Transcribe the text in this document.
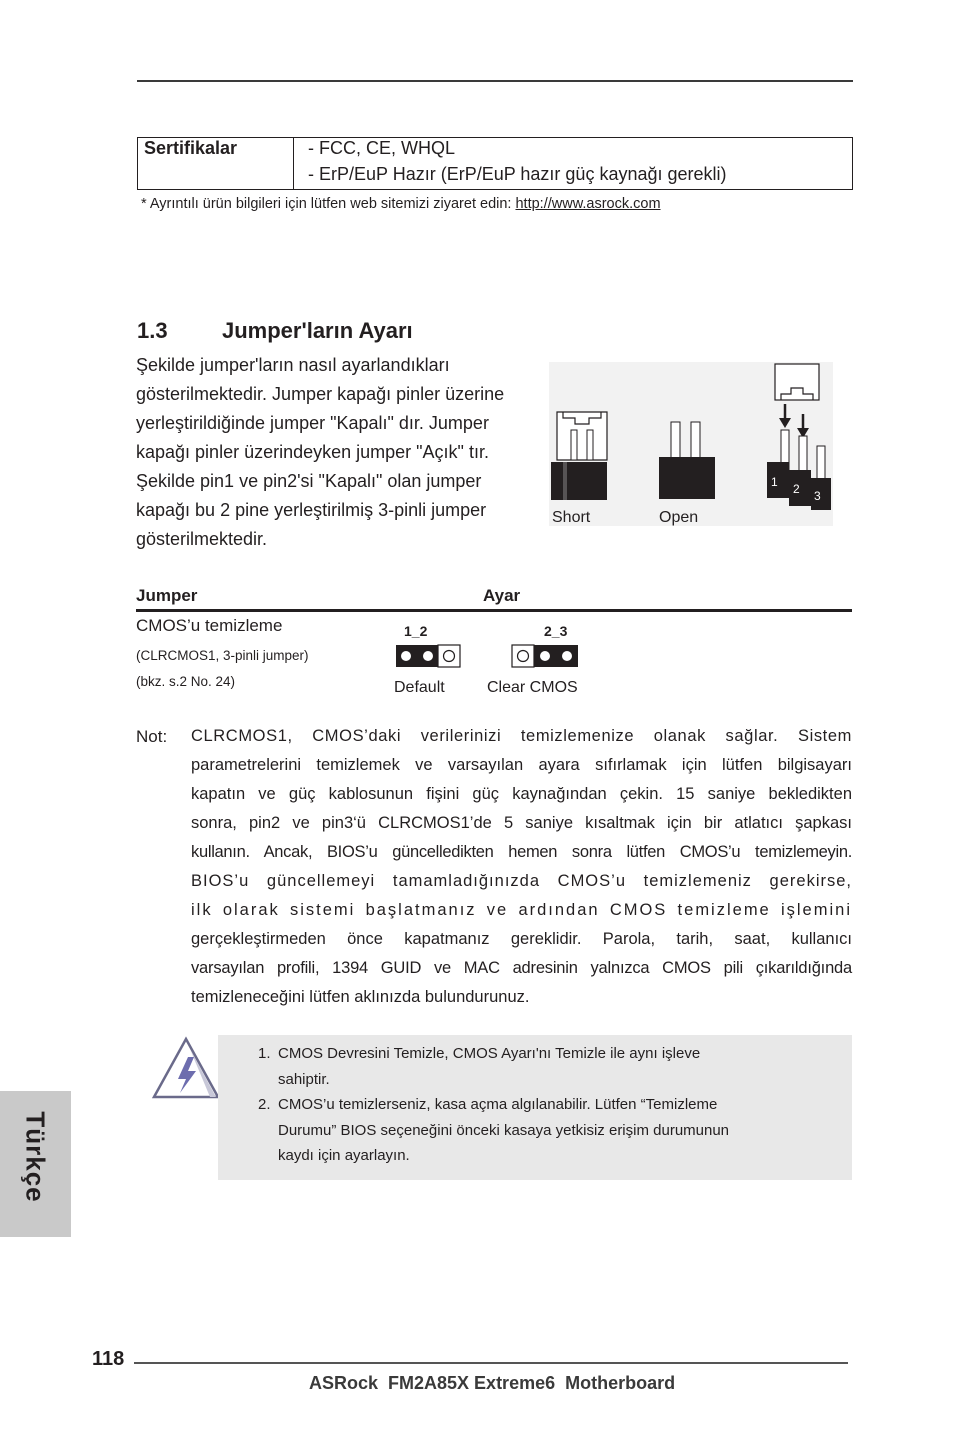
Sertifikalar	- FCC, CE, WHQL
- ErP/EuP Hazır (ErP/EuP hazır güç kaynağı gerekli)
* Ayrıntılı ürün bilgileri için lütfen web sitemizi ziyaret edin: http://www.asrock.com
1.3 Jumper'ların Ayarı
Şekilde jumper'ların nasıl ayarlandıkları
gösterilmektedir. Jumper kapağı pinler üzerine
yerleştirildiğinde jumper "Kapalı" dır. Jumper
kapağı pinler üzerindeyken jumper "Açık" tır.
Şekilde pin1 ve pin2'si "Kapalı" olan jumper
kapağı bu 2 pine yerleştirilmiş 3-pinli jumper
gösterilmektedir.
1 2 3
Short	Open
Jumper	Ayar
CMOS’u temizleme
(CLRCMOS1, 3-pinli jumper)
(bkz. s.2 No. 24)
1_2
Default
2_3
Clear CMOS
Not: CLRCMOS1, CMOS’daki verilerinizi temizlemenize olanak sağlar. Sistem

parametrelerini temizlemek ve varsayılan ayara sıfırlamak için lütfen bilgisayarı

kapatın ve güç kablosunun fişini güç kaynağından çekin. 15 saniye bekledikten

sonra, pin2 ve pin3‘ü CLRCMOS1’de 5 saniye kısaltmak için bir atlatıcı şapkası

kullanın. Ancak, BIOS’u güncelledikten hemen sonra lütfen CMOS’u temizlemeyin.

BIOS’u güncellemeyi tamamladığınızda CMOS’u temizlemeniz gerekirse,

ilk olarak sistemi başlatmanız ve ardından CMOS temizleme işlemini

gerçekleştirmeden önce kapatmanız gereklidir. Parola, tarih, saat, kullanıcı

varsayılan profili, 1394 GUID ve MAC adresinin yalnızca CMOS pili çıkarıldığında

temizleneceğini lütfen aklınızda bulundurunuz.

1. CMOS Devresini Temizle, CMOS Ayarı'nı Temizle ile aynı işleve
sahiptir.
2. CMOS’u temizlerseniz, kasa açma algılanabilir. Lütfen “Temizleme
Durumu” BIOS seçeneğini önceki kasaya yetkisiz erişim durumunun
kaydı için ayarlayın.
Türkçe
118
ASRock  FM2A85X Extreme6  Motherboard
